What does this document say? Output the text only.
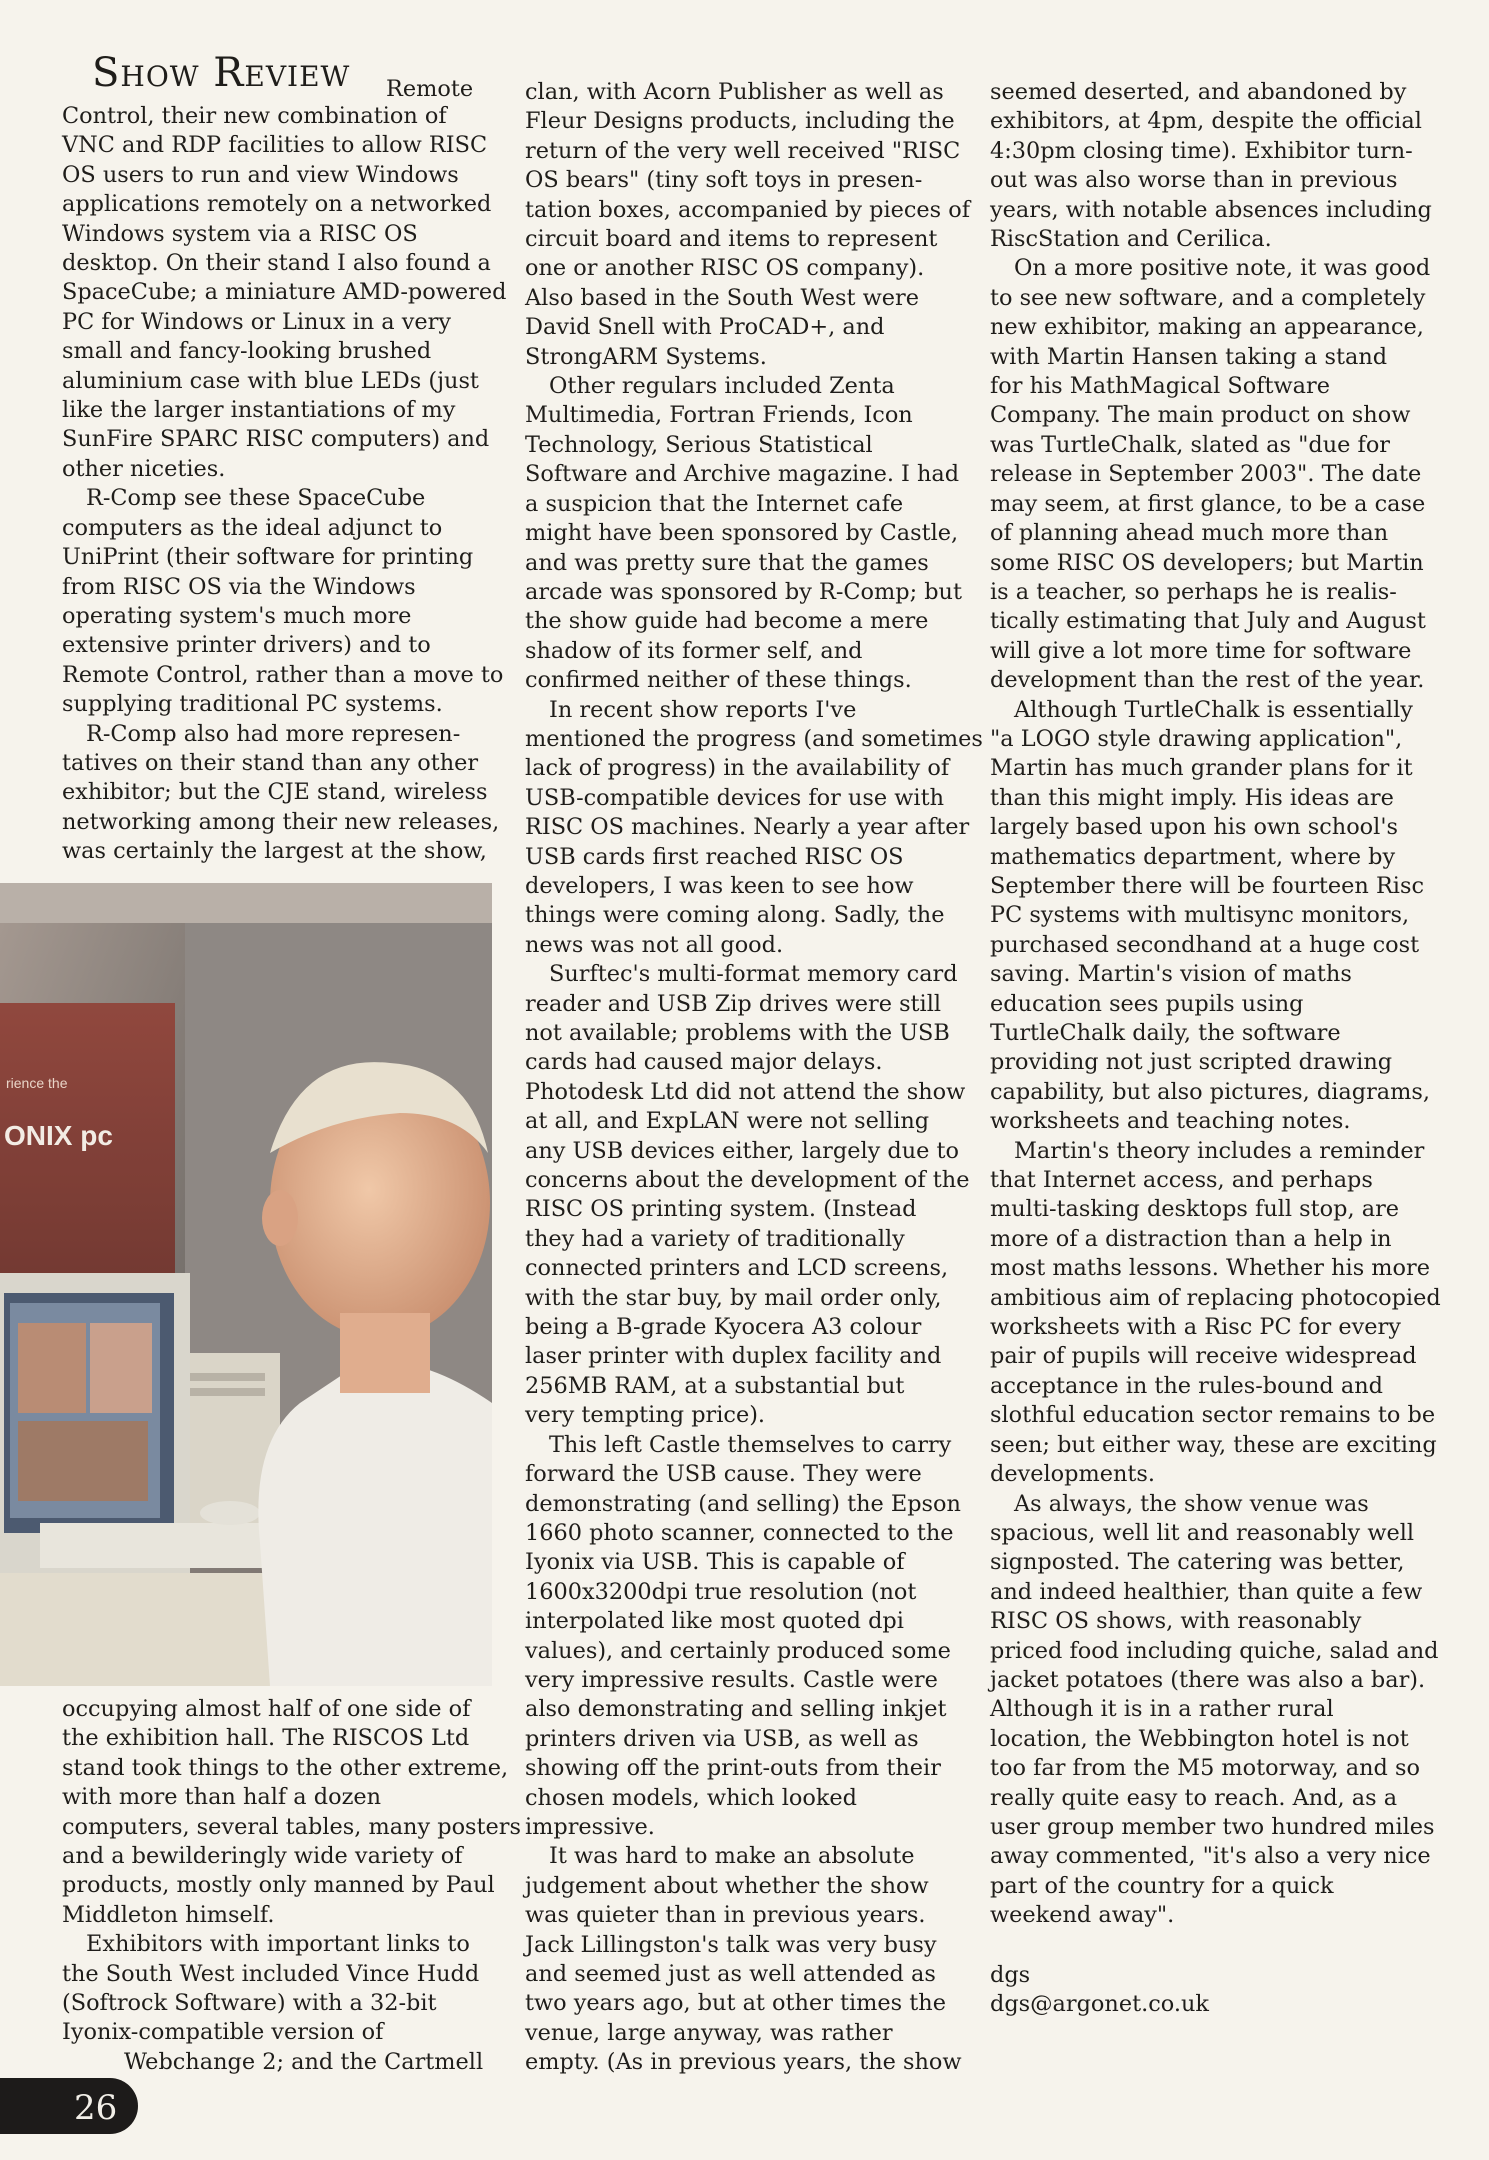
Show Review Remote
Control, their new combination of
VNC and RDP facilities to allow RISC
OS users to run and view Windows
applications remotely on a networked
Windows system via a RISC OS
desktop. On their stand I also found a
SpaceCube; a miniature AMD-powered
PC for Windows or Linux in a very
small and fancy-looking brushed
aluminium case with blue LEDs (just
like the larger instantiations of my
SunFire SPARC RISC computers) and
other niceties.
R-Comp see these SpaceCube
computers as the ideal adjunct to
UniPrint (their software for printing
from RISC OS via the Windows
operating system's much more
extensive printer drivers) and to
Remote Control, rather than a move to
supplying traditional PC systems.
R-Comp also had more represen-
tatives on their stand than any other
exhibitor; but the CJE stand, wireless
networking among their new releases,
was certainly the largest at the show,
rience the
ONIX pc
occupying almost half of one side of
the exhibition hall. The RISCOS Ltd
stand took things to the other extreme,
with more than half a dozen
computers, several tables, many posters
and a bewilderingly wide variety of
products, mostly only manned by Paul
Middleton himself.
Exhibitors with important links to
the South West included Vince Hudd
(Softrock Software) with a 32-bit
Iyonix-compatible version of
Webchange 2; and the Cartmell
clan, with Acorn Publisher as well as
Fleur Designs products, including the
return of the very well received "RISC
OS bears" (tiny soft toys in presen-
tation boxes, accompanied by pieces of
circuit board and items to represent
one or another RISC OS company).
Also based in the South West were
David Snell with ProCAD+, and
StrongARM Systems.
Other regulars included Zenta
Multimedia, Fortran Friends, Icon
Technology, Serious Statistical
Software and Archive magazine. I had
a suspicion that the Internet cafe
might have been sponsored by Castle,
and was pretty sure that the games
arcade was sponsored by R-Comp; but
the show guide had become a mere
shadow of its former self, and
confirmed neither of these things.
In recent show reports I've
mentioned the progress (and sometimes
lack of progress) in the availability of
USB-compatible devices for use with
RISC OS machines. Nearly a year after
USB cards first reached RISC OS
developers, I was keen to see how
things were coming along. Sadly, the
news was not all good.
Surftec's multi-format memory card
reader and USB Zip drives were still
not available; problems with the USB
cards had caused major delays.
Photodesk Ltd did not attend the show
at all, and ExpLAN were not selling
any USB devices either, largely due to
concerns about the development of the
RISC OS printing system. (Instead
they had a variety of traditionally
connected printers and LCD screens,
with the star buy, by mail order only,
being a B-grade Kyocera A3 colour
laser printer with duplex facility and
256MB RAM, at a substantial but
very tempting price).
This left Castle themselves to carry
forward the USB cause. They were
demonstrating (and selling) the Epson
1660 photo scanner, connected to the
Iyonix via USB. This is capable of
1600x3200dpi true resolution (not
interpolated like most quoted dpi
values), and certainly produced some
very impressive results. Castle were
also demonstrating and selling inkjet
printers driven via USB, as well as
showing off the print-outs from their
chosen models, which looked
impressive.
It was hard to make an absolute
judgement about whether the show
was quieter than in previous years.
Jack Lillingston's talk was very busy
and seemed just as well attended as
two years ago, but at other times the
venue, large anyway, was rather
empty. (As in previous years, the show
seemed deserted, and abandoned by
exhibitors, at 4pm, despite the official
4:30pm closing time). Exhibitor turn-
out was also worse than in previous
years, with notable absences including
RiscStation and Cerilica.
On a more positive note, it was good
to see new software, and a completely
new exhibitor, making an appearance,
with Martin Hansen taking a stand
for his MathMagical Software
Company. The main product on show
was TurtleChalk, slated as "due for
release in September 2003". The date
may seem, at first glance, to be a case
of planning ahead much more than
some RISC OS developers; but Martin
is a teacher, so perhaps he is realis-
tically estimating that July and August
will give a lot more time for software
development than the rest of the year.
Although TurtleChalk is essentially
"a LOGO style drawing application",
Martin has much grander plans for it
than this might imply. His ideas are
largely based upon his own school's
mathematics department, where by
September there will be fourteen Risc
PC systems with multisync monitors,
purchased secondhand at a huge cost
saving. Martin's vision of maths
education sees pupils using
TurtleChalk daily, the software
providing not just scripted drawing
capability, but also pictures, diagrams,
worksheets and teaching notes.
Martin's theory includes a reminder
that Internet access, and perhaps
multi-tasking desktops full stop, are
more of a distraction than a help in
most maths lessons. Whether his more
ambitious aim of replacing photocopied
worksheets with a Risc PC for every
pair of pupils will receive widespread
acceptance in the rules-bound and
slothful education sector remains to be
seen; but either way, these are exciting
developments.
As always, the show venue was
spacious, well lit and reasonably well
signposted. The catering was better,
and indeed healthier, than quite a few
RISC OS shows, with reasonably
priced food including quiche, salad and
jacket potatoes (there was also a bar).
Although it is in a rather rural
location, the Webbington hotel is not
too far from the M5 motorway, and so
really quite easy to reach. And, as a
user group member two hundred miles
away commented, "it's also a very nice
part of the country for a quick
weekend away".
dgs
dgs@argonet.co.uk
26
